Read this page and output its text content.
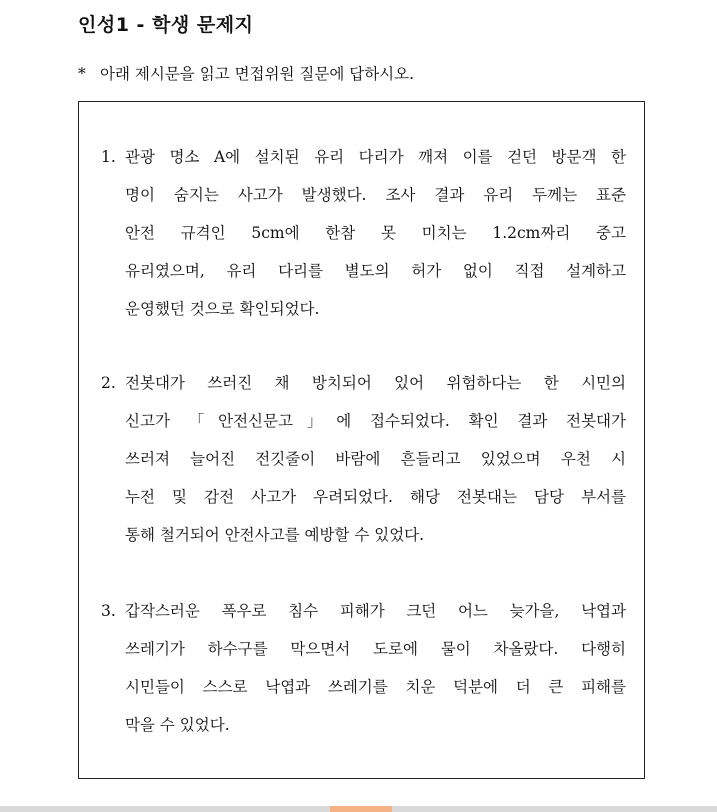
인성1 - 학생 문제지
* 아래 제시문을 읽고 면접위원 질문에 답하시오.
1. 관광 명소 A에 설치된 유리 다리가 깨져 이를 걷던 방문객 한
명이 숨지는 사고가 발생했다. 조사 결과 유리 두께는 표준
안전 규격인 5cm에 한참 못 미치는 1.2cm짜리 중고
유리였으며, 유리 다리를 별도의 허가 없이 직접 설계하고
운영했던 것으로 확인되었다.
2. 전봇대가 쓰러진 채 방치되어 있어 위험하다는 한 시민의
신고가 「안전신문고」에 접수되었다. 확인 결과 전봇대가
쓰러져 늘어진 전깃줄이 바람에 흔들리고 있었으며 우천 시
누전 및 감전 사고가 우려되었다. 해당 전봇대는 담당 부서를
통해 철거되어 안전사고를 예방할 수 있었다.
3. 갑작스러운 폭우로 침수 피해가 크던 어느 늦가을, 낙엽과
쓰레기가 하수구를 막으면서 도로에 물이 차올랐다. 다행히
시민들이 스스로 낙엽과 쓰레기를 치운 덕분에 더 큰 피해를
막을 수 있었다.
